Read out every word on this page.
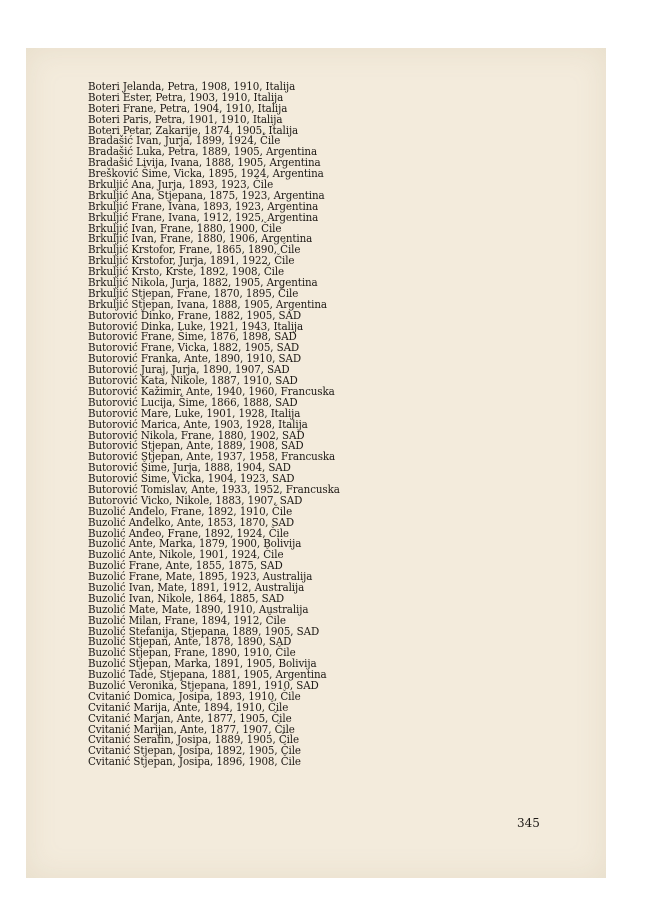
Boteri Jelanda, Petra, 1908, 1910, Italija
Boteri Ester, Petra, 1903, 1910, Italija
Boteri Frane, Petra, 1904, 1910, Italija
Boteri Paris, Petra, 1901, 1910, Italija
Boteri Petar, Zakarije, 1874, 1905, Italija
Bradašić Ivan, Jurja, 1899, 1924, Čile
Bradašić Luka, Petra, 1889, 1905, Argentina
Bradašić Livija, Ivana, 1888, 1905, Argentina
Brešković Šime, Vicka, 1895, 1924, Argentina
Brkuljić Ana, Jurja, 1893, 1923, Čile
Brkuljić Ana, Stjepana, 1875, 1923, Argentina
Brkuljić Frane, Ivana, 1893, 1923, Argentina
Brkuljić Frane, Ivana, 1912, 1925, Argentina
Brkuljić Ivan, Frane, 1880, 1900, Čile
Brkuljić Ivan, Frane, 1880, 1906, Argentina
Brkuljić Krstofor, Frane, 1865, 1890, Čile
Brkuljić Krstofor, Jurja, 1891, 1922, Čile
Brkuljić Krsto, Krste, 1892, 1908, Čile
Brkuljić Nikola, Jurja, 1882, 1905, Argentina
Brkuljić Stjepan, Frane, 1870, 1895, Čile
Brkuljić Stjepan, Ivana, 1888, 1905, Argentina
Butorović Dinko, Frane, 1882, 1905, SAD
Butorović Dinka, Luke, 1921, 1943, Italija
Butorović Frane, Šime, 1876, 1898, SAD
Butorović Frane, Vicka, 1882, 1905, SAD
Butorović Franka, Ante, 1890, 1910, SAD
Butorović Juraj, Jurja, 1890, 1907, SAD
Butorović Kata, Nikole, 1887, 1910, SAD
Butorović Kažimir, Ante, 1940, 1960, Francuska
Butorović Lucija, Šime, 1866, 1888, SAD
Butorović Mare, Luke, 1901, 1928, Italija
Butorović Marica, Ante, 1903, 1928, Italija
Butorović Nikola, Frane, 1880, 1902, SAD
Butorović Stjepan, Ante, 1889, 1908, SAD
Butorović Stjepan, Ante, 1937, 1958, Francuska
Butorović Šime, Jurja, 1888, 1904, SAD
Butorović Šime, Vicka, 1904, 1923, SAD
Butorović Tomislav, Ante, 1933, 1952, Francuska
Butorović Vicko, Nikole, 1883, 1907, SAD
Buzolić Anđelo, Frane, 1892, 1910, Čile
Buzolić Anđelko, Ante, 1853, 1870, SAD
Buzolić Anđeo, Frane, 1892, 1924, Čile
Buzolić Ante, Marka, 1879, 1900, Bolivija
Buzolić Ante, Nikole, 1901, 1924, Čile
Buzolić Frane, Ante, 1855, 1875, SAD
Buzolić Frane, Mate, 1895, 1923, Australija
Buzolić Ivan, Mate, 1891, 1912, Australija
Buzolić Ivan, Nikole, 1864, 1885, SAD
Buzolić Mate, Mate, 1890, 1910, Australija
Buzolić Milan, Frane, 1894, 1912, Čile
Buzolić Stefanija, Stjepana, 1889, 1905, SAD
Buzolić Stjepan, Ante, 1878, 1890, SAD
Buzolić Stjepan, Frane, 1890, 1910, Čile
Buzolić Stjepan, Marka, 1891, 1905, Bolivija
Buzolić Tade, Stjepana, 1881, 1905, Argentina
Buzolić Veronika, Stjepana, 1891, 1910, SAD
Cvitanić Domica, Josipa, 1893, 1910, Čile
Cvitanić Marija, Ante, 1894, 1910, Čile
Cvitanić Marjan, Ante, 1877, 1905, Čile
Cvitanić Marijan, Ante, 1877, 1907, Čile
Cvitanić Serafin, Josipa, 1889, 1905, Čile
Cvitanić Stjepan, Josipa, 1892, 1905, Čile
Cvitanić Stjepan, Josipa, 1896, 1908, Čile
345
